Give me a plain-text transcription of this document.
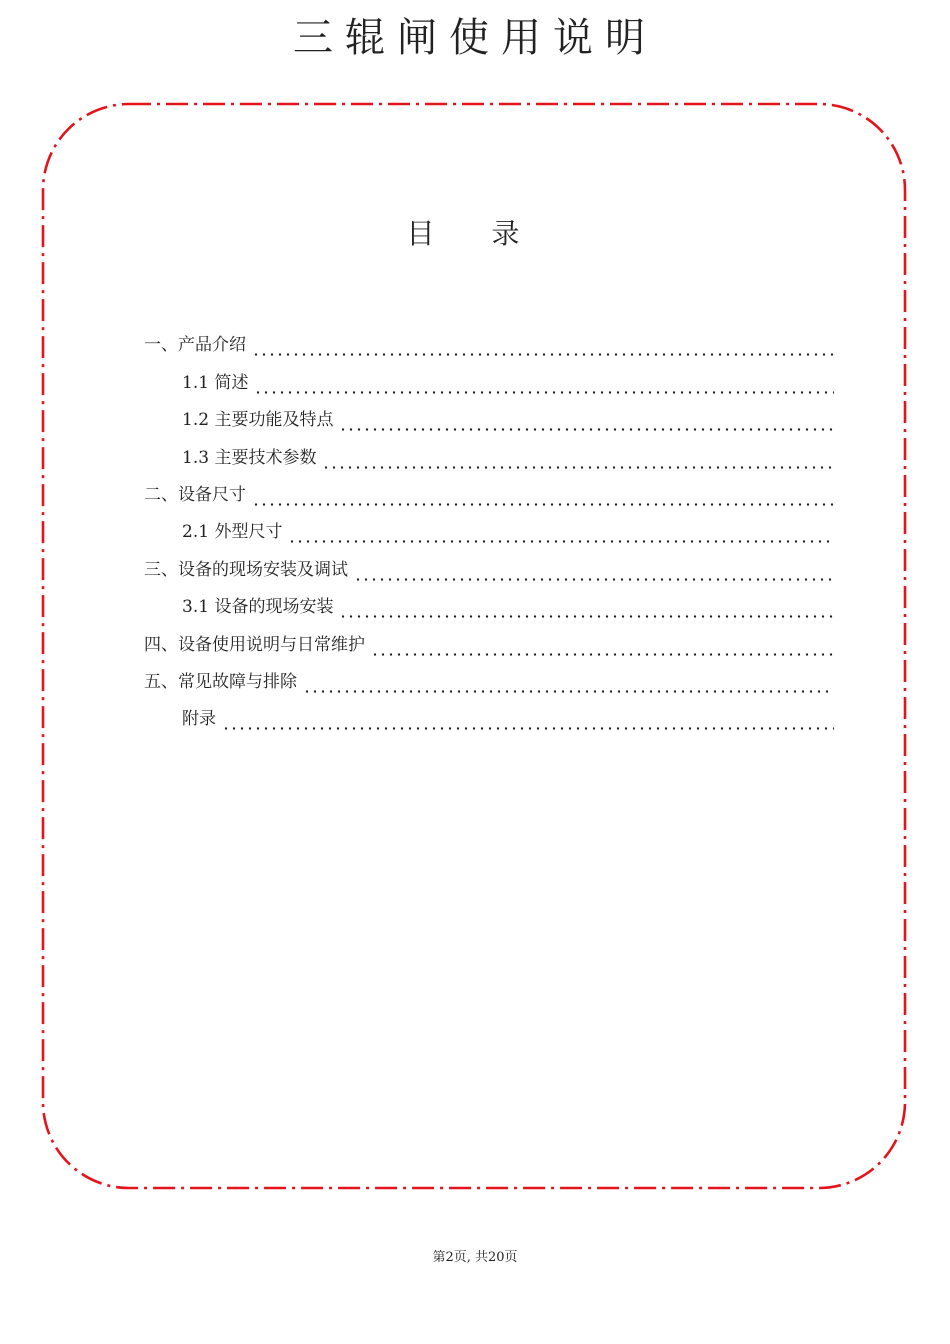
三辊闸使用说明
目 录
一、产品介绍
1.1 简述
1.2 主要功能及特点
1.3 主要技术参数
二、设备尺寸
2.1 外型尺寸
三、设备的现场安装及调试
3.1 设备的现场安装
四、设备使用说明与日常维护
五、常见故障与排除
附录
第2页, 共20页
